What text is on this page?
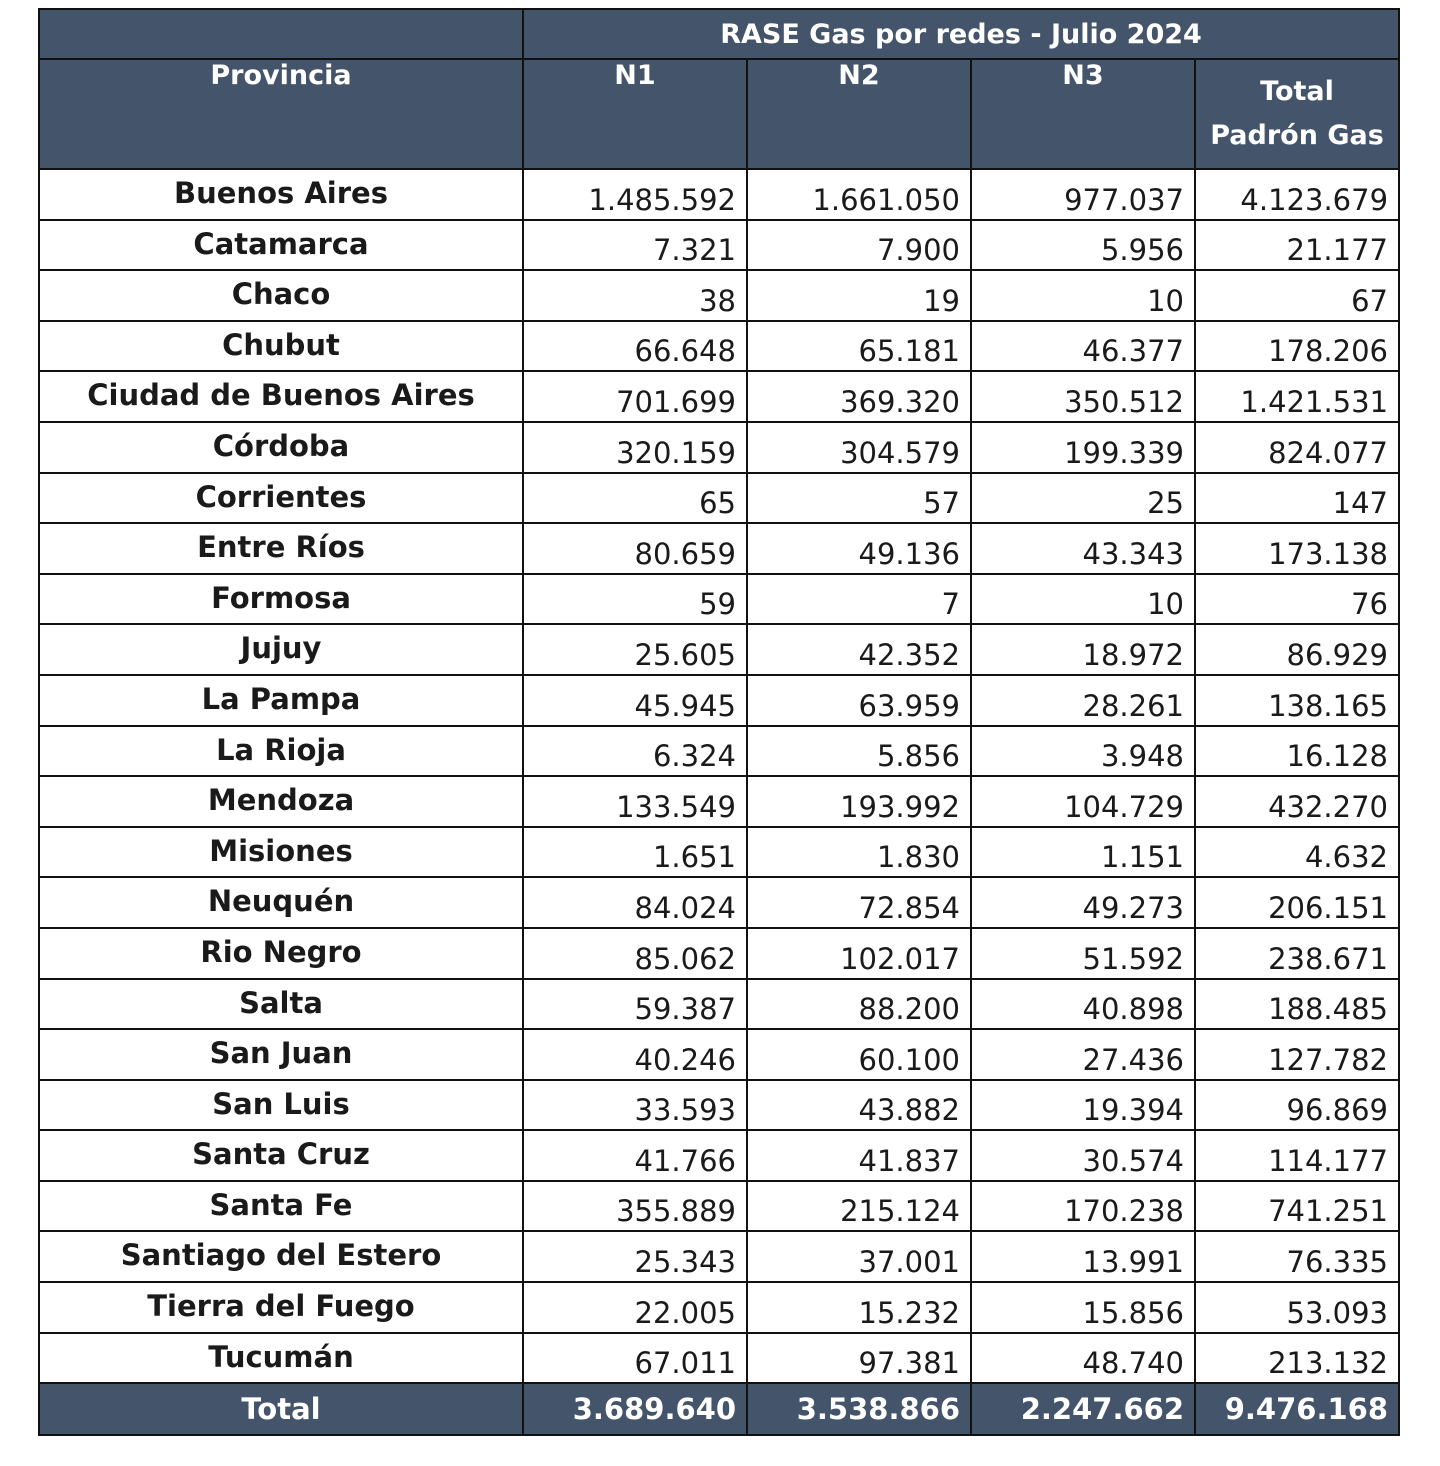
	RASE Gas por redes - Julio 2024			
Provincia	N1	N2	N3	Total
Padrón Gas
Buenos Aires	1.485.592	1.661.050	977.037	4.123.679
Catamarca	7.321	7.900	5.956	21.177
Chaco	38	19	10	67
Chubut	66.648	65.181	46.377	178.206
Ciudad de Buenos Aires	701.699	369.320	350.512	1.421.531
Córdoba	320.159	304.579	199.339	824.077
Corrientes	65	57	25	147
Entre Ríos	80.659	49.136	43.343	173.138
Formosa	59	7	10	76
Jujuy	25.605	42.352	18.972	86.929
La Pampa	45.945	63.959	28.261	138.165
La Rioja	6.324	5.856	3.948	16.128
Mendoza	133.549	193.992	104.729	432.270
Misiones	1.651	1.830	1.151	4.632
Neuquén	84.024	72.854	49.273	206.151
Rio Negro	85.062	102.017	51.592	238.671
Salta	59.387	88.200	40.898	188.485
San Juan	40.246	60.100	27.436	127.782
San Luis	33.593	43.882	19.394	96.869
Santa Cruz	41.766	41.837	30.574	114.177
Santa Fe	355.889	215.124	170.238	741.251
Santiago del Estero	25.343	37.001	13.991	76.335
Tierra del Fuego	22.005	15.232	15.856	53.093
Tucumán	67.011	97.381	48.740	213.132
Total	3.689.640	3.538.866	2.247.662	9.476.168
